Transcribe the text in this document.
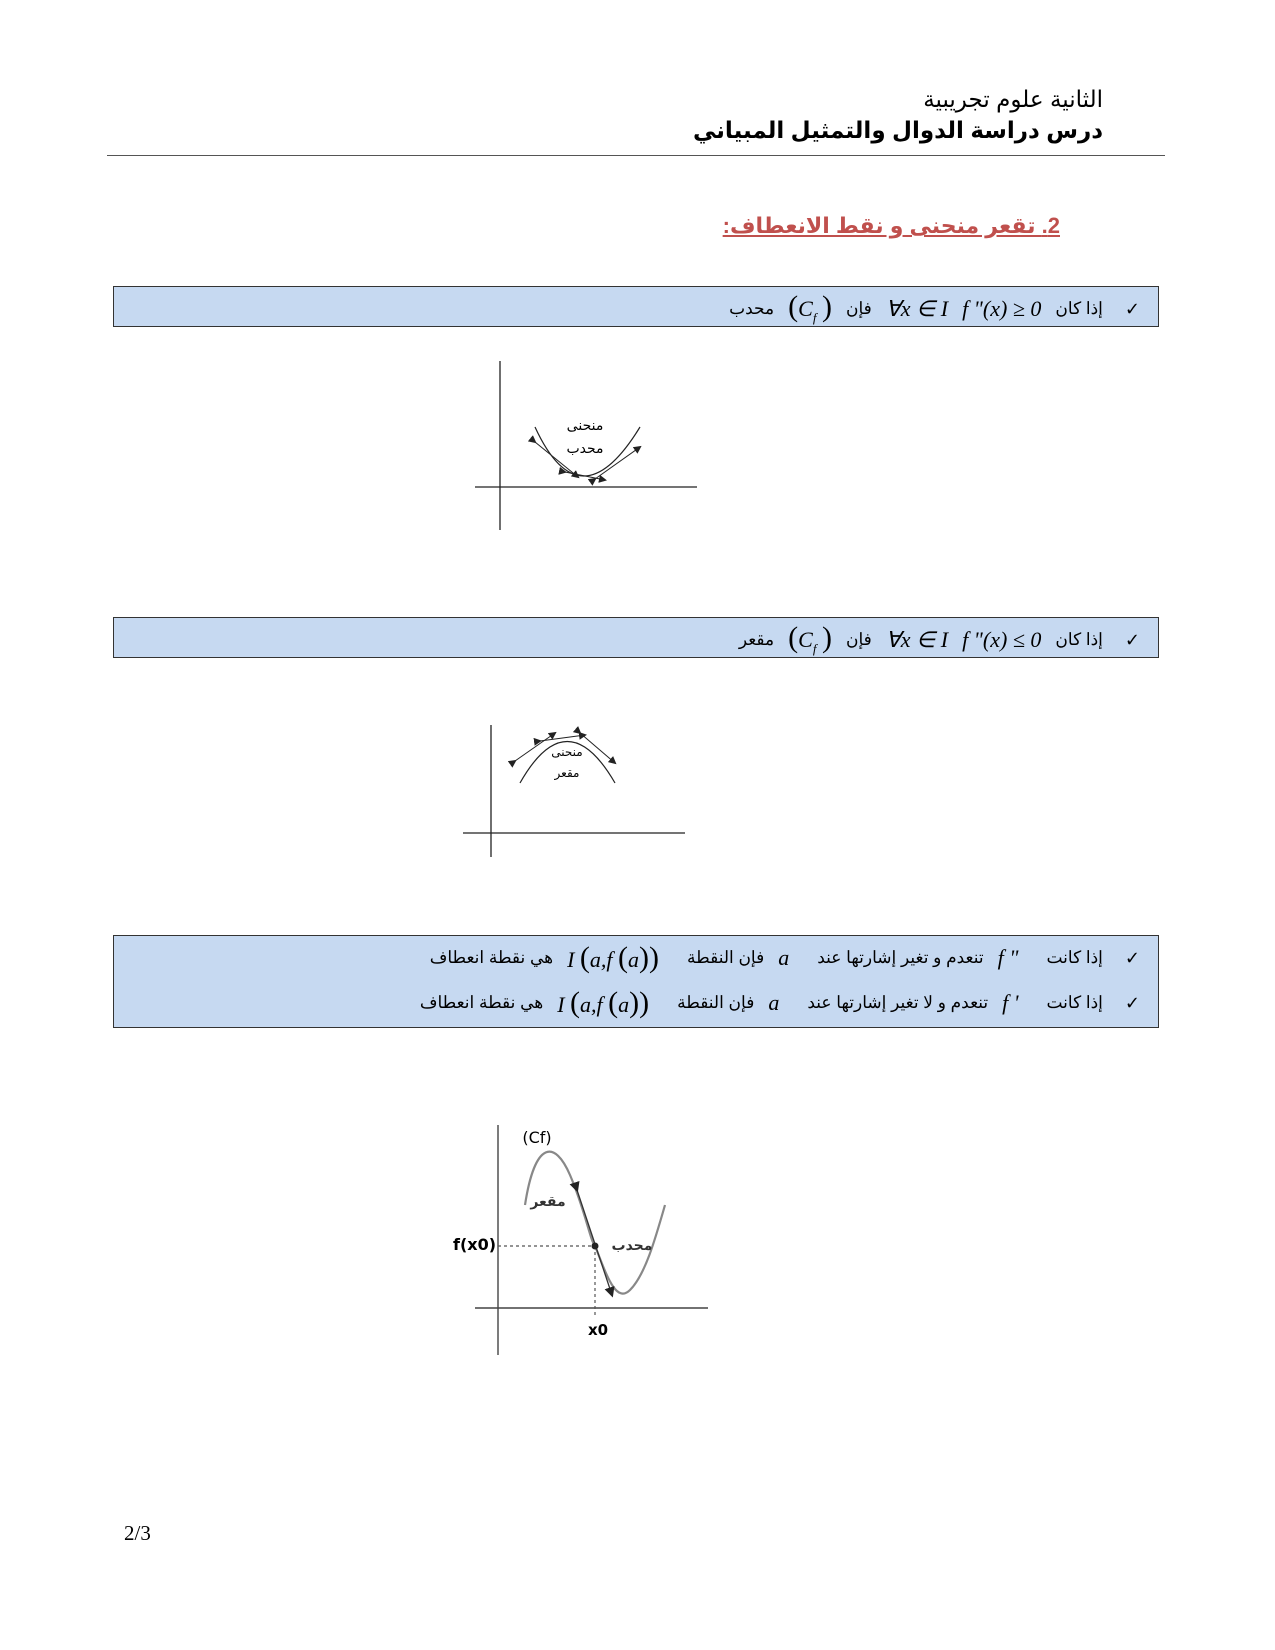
الثانية علوم تجريبية
درس دراسة الدوال والتمثيل المبياني
2. تقعر منحنى و نقط الانعطاف:
محدب ($C_f$ ) فإن ∀x ∈ I f "(x) ≥ 0 إذا كان ✓
منحنى
محدب
مقعر ($C_f$ ) فإن ∀x ∈ I f "(x) ≤ 0 إذا كان ✓
منحنى
مقعر
هي نقطة انعطاف I (a,f (a)) فإن النقطة a تنعدم و تغير إشارتها عند f " إذا كانت ✓
هي نقطة انعطاف I (a,f (a)) فإن النقطة a تنعدم و لا تغير إشارتها عند f ' إذا كانت ✓
(Cf)
مقعر
محدب
f(x0)
x0
2/3
